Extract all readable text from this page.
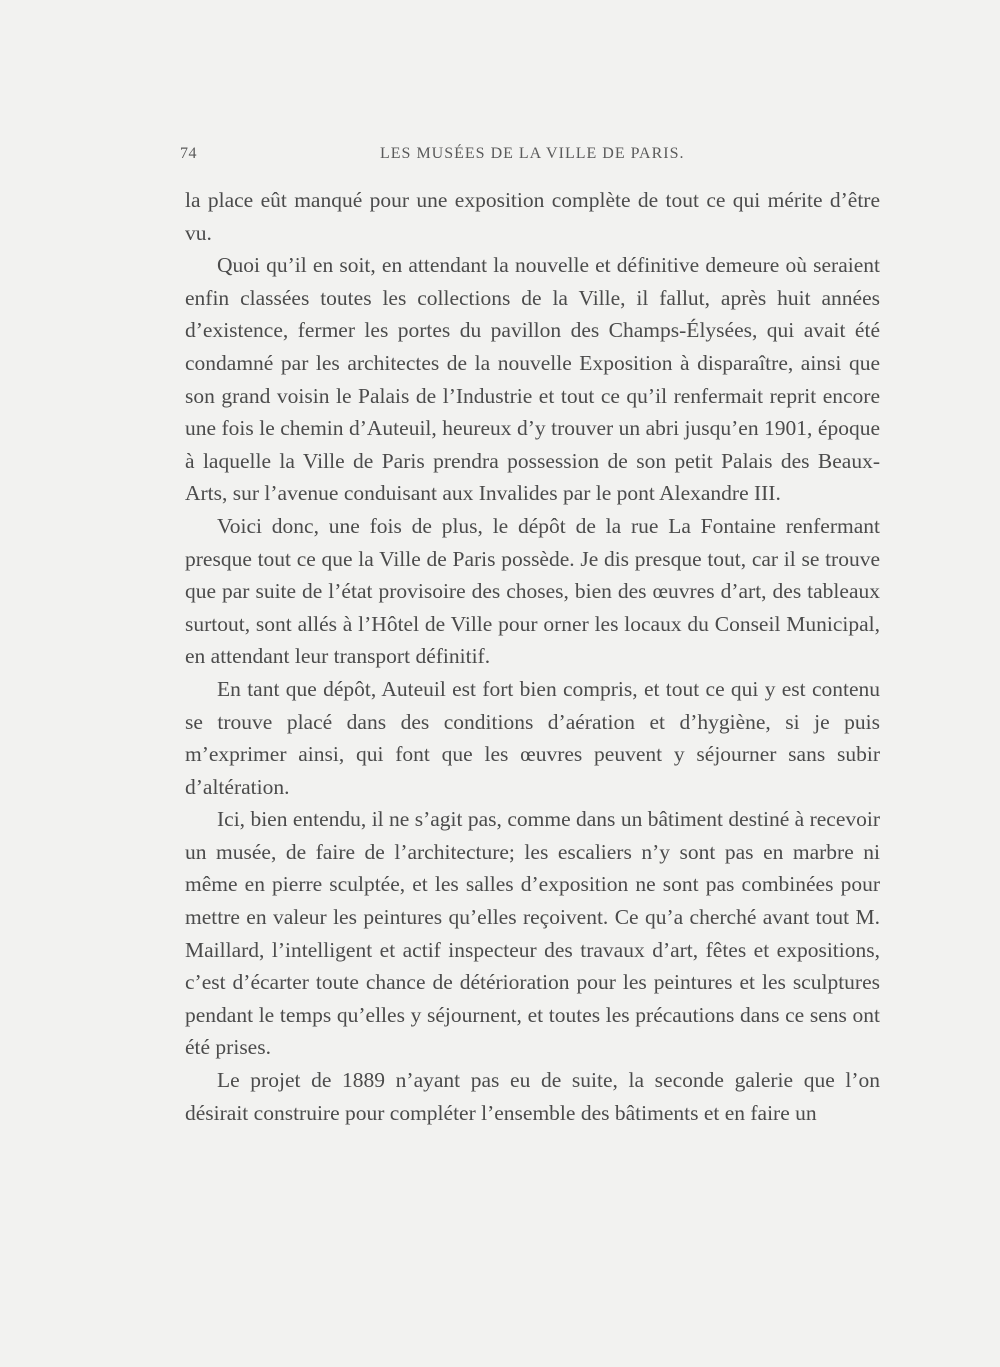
74	LES MUSÉES DE LA VILLE DE PARIS.

la place eût manqué pour une exposition complète de tout ce qui mérite d’être vu.

Quoi qu’il en soit, en attendant la nouvelle et définitive demeure où seraient enfin classées toutes les collections de la Ville, il fallut, après huit années d’existence, fermer les portes du pavillon des Champs-Élysées, qui avait été condamné par les architectes de la nouvelle Exposition à disparaître, ainsi que son grand voisin le Palais de l’Industrie et tout ce qu’il renfermait reprit encore une fois le chemin d’Auteuil, heureux d’y trouver un abri jusqu’en 1901, époque à laquelle la Ville de Paris prendra possession de son petit Palais des Beaux-Arts, sur l’avenue conduisant aux Invalides par le pont Alexandre III.

Voici donc, une fois de plus, le dépôt de la rue La Fontaine renfermant presque tout ce que la Ville de Paris possède. Je dis presque tout, car il se trouve que par suite de l’état provisoire des choses, bien des œuvres d’art, des tableaux surtout, sont allés à l’Hôtel de Ville pour orner les locaux du Conseil Municipal, en attendant leur transport définitif.

En tant que dépôt, Auteuil est fort bien compris, et tout ce qui y est contenu se trouve placé dans des conditions d’aération et d’hygiène, si je puis m’exprimer ainsi, qui font que les œuvres peuvent y séjourner sans subir d’altération.

Ici, bien entendu, il ne s’agit pas, comme dans un bâtiment destiné à recevoir un musée, de faire de l’architecture; les escaliers n’y sont pas en marbre ni même en pierre sculptée, et les salles d’exposition ne sont pas combinées pour mettre en valeur les peintures qu’elles reçoivent. Ce qu’a cherché avant tout M. Maillard, l’intelligent et actif inspecteur des travaux d’art, fêtes et expositions, c’est d’écarter toute chance de détérioration pour les peintures et les sculptures pendant le temps qu’elles y séjournent, et toutes les précautions dans ce sens ont été prises.

Le projet de 1889 n’ayant pas eu de suite, la seconde galerie que l’on désirait construire pour compléter l’ensemble des bâtiments et en faire un
